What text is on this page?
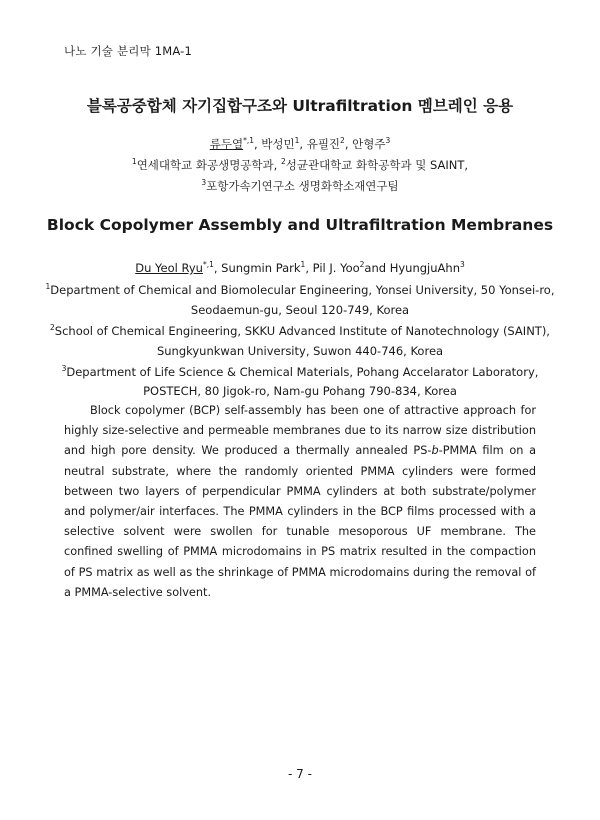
나노 기술 분리막 1MA-1
블록공중합체 자기집합구조와 Ultrafiltration 멤브레인 응용
류두열$^{*,1}$, 박성민$^1$, 유필진$^2$, 안형주$^3$
$^1$연세대학교 화공생명공학과, $^2$성균관대학교 화학공학과 및 SAINT,
$^3$포항가속기연구소 생명화학소재연구팀
Block Copolymer Assembly and Ultrafiltration Membranes
Du Yeol Ryu$^{*,1}$, Sungmin Park$^1$, Pil J. Yoo$^2$and HyungjuAhn$^3$
$^1$Department of Chemical and Biomolecular Engineering, Yonsei University, 50 Yonsei-ro,
Seodaemun-gu, Seoul 120-749, Korea
$^2$School of Chemical Engineering, SKKU Advanced Institute of Nanotechnology (SAINT),
Sungkyunkwan University, Suwon 440-746, Korea
$^3$Department of Life Science & Chemical Materials, Pohang Accelarator Laboratory,
POSTECH, 80 Jigok-ro, Nam-gu Pohang 790-834, Korea
Block copolymer (BCP) self-assembly has been one of attractive approach for highly size-selective and permeable membranes due to its narrow size distribution and high pore density. We produced a thermally annealed PS-b-PMMA film on a neutral substrate, where the randomly oriented PMMA cylinders were formed between two layers of perpendicular PMMA cylinders at both substrate/polymer and polymer/air interfaces. The PMMA cylinders in the BCP films processed with a selective solvent were swollen for tunable mesoporous UF membrane. The confined swelling of PMMA microdomains in PS matrix resulted in the compaction of PS matrix as well as the shrinkage of PMMA microdomains during the removal of a PMMA-selective solvent.
- 7 -
